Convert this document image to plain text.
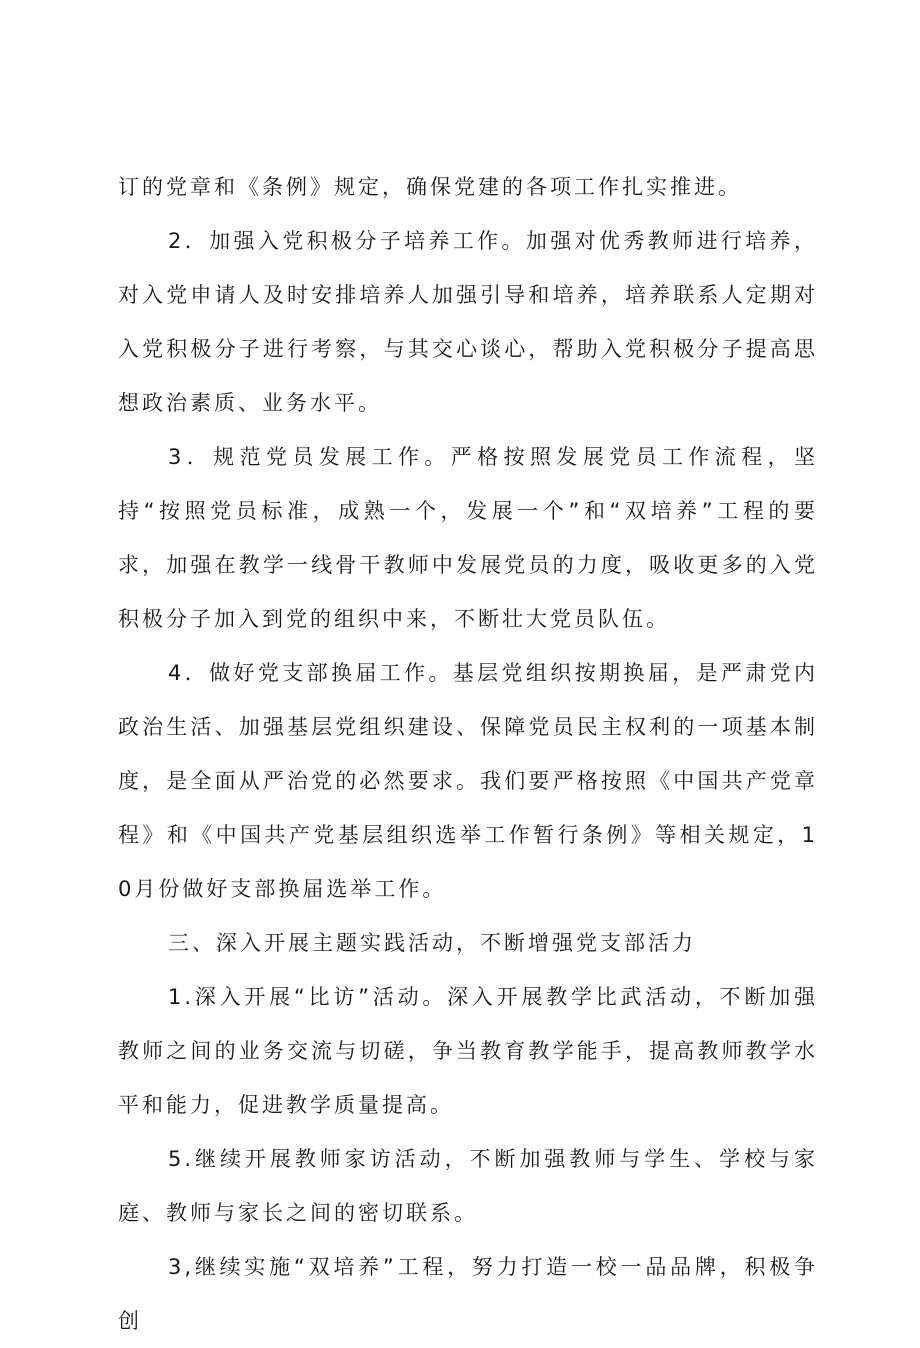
订的党章和《条例》规定，确保党建的各项工作扎实推进。

2．加强入党积极分子培养工作。加强对优秀教师进行培养，对入党申请人及时安排培养人加强引导和培养，培养联系人定期对入党积极分子进行考察，与其交心谈心，帮助入党积极分子提高思想政治素质、业务水平。

3．规范党员发展工作。严格按照发展党员工作流程，坚持“按照党员标准，成熟一个，发展一个”和“双培养”工程的要求，加强在教学一线骨干教师中发展党员的力度，吸收更多的入党积极分子加入到党的组织中来，不断壮大党员队伍。

4．做好党支部换届工作。基层党组织按期换届，是严肃党内政治生活、加强基层党组织建设、保障党员民主权利的一项基本制度，是全面从严治党的必然要求。我们要严格按照《中国共产党章程》和《中国共产党基层组织选举工作暂行条例》等相关规定，10月份做好支部换届选举工作。

三、深入开展主题实践活动，不断增强党支部活力

1.深入开展“比访”活动。深入开展教学比武活动，不断加强教师之间的业务交流与切磋，争当教育教学能手，提高教师教学水平和能力，促进教学质量提高。

5.继续开展教师家访活动，不断加强教师与学生、学校与家庭、教师与家长之间的密切联系。

3,继续实施“双培养”工程，努力打造一校一品品牌，积极争创
